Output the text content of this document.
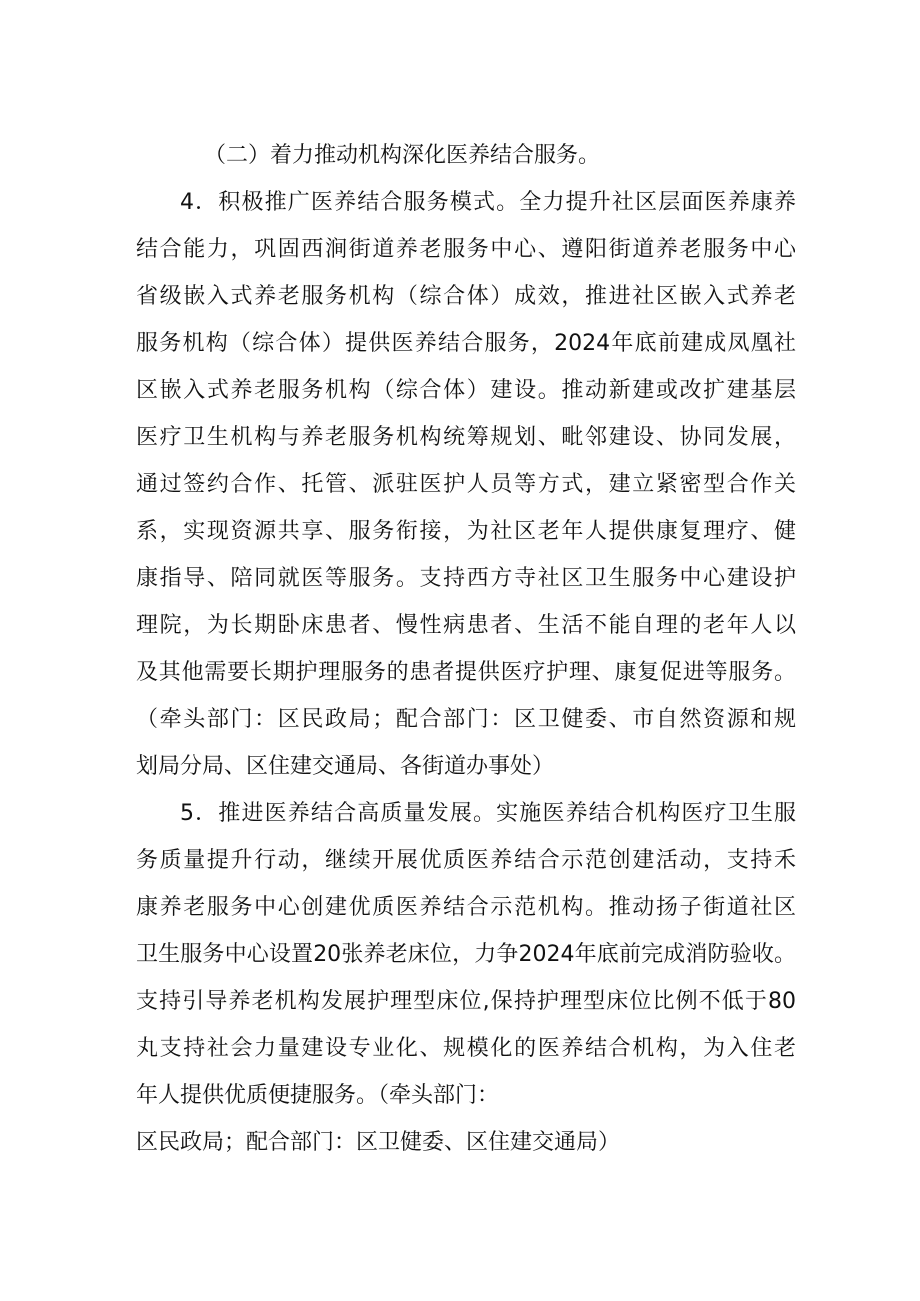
（二）着力推动机构深化医养结合服务。
4．积极推广医养结合服务模式。全力提升社区层面医养康养
结合能力，巩固西涧街道养老服务中心、遵阳街道养老服务中心
省级嵌入式养老服务机构（综合体）成效，推进社区嵌入式养老
服务机构（综合体）提供医养结合服务，2024年底前建成凤凰社
区嵌入式养老服务机构（综合体）建设。推动新建或改扩建基层
医疗卫生机构与养老服务机构统筹规划、毗邻建设、协同发展，
通过签约合作、托管、派驻医护人员等方式，建立紧密型合作关
系，实现资源共享、服务衔接，为社区老年人提供康复理疗、健
康指导、陪同就医等服务。支持西方寺社区卫生服务中心建设护
理院，为长期卧床患者、慢性病患者、生活不能自理的老年人以
及其他需要长期护理服务的患者提供医疗护理、康复促进等服务。
（牵头部门：区民政局；配合部门：区卫健委、市自然资源和规
划局分局、区住建交通局、各街道办事处）
5．推进医养结合高质量发展。实施医养结合机构医疗卫生服
务质量提升行动，继续开展优质医养结合示范创建活动，支持禾
康养老服务中心创建优质医养结合示范机构。推动扬子街道社区
卫生服务中心设置20张养老床位，力争2024年底前完成消防验收。
支持引导养老机构发展护理型床位,保持护理型床位比例不低于80
丸支持社会力量建设专业化、规模化的医养结合机构，为入住老
年人提供优质便捷服务。（牵头部门：
区民政局；配合部门：区卫健委、区住建交通局）
